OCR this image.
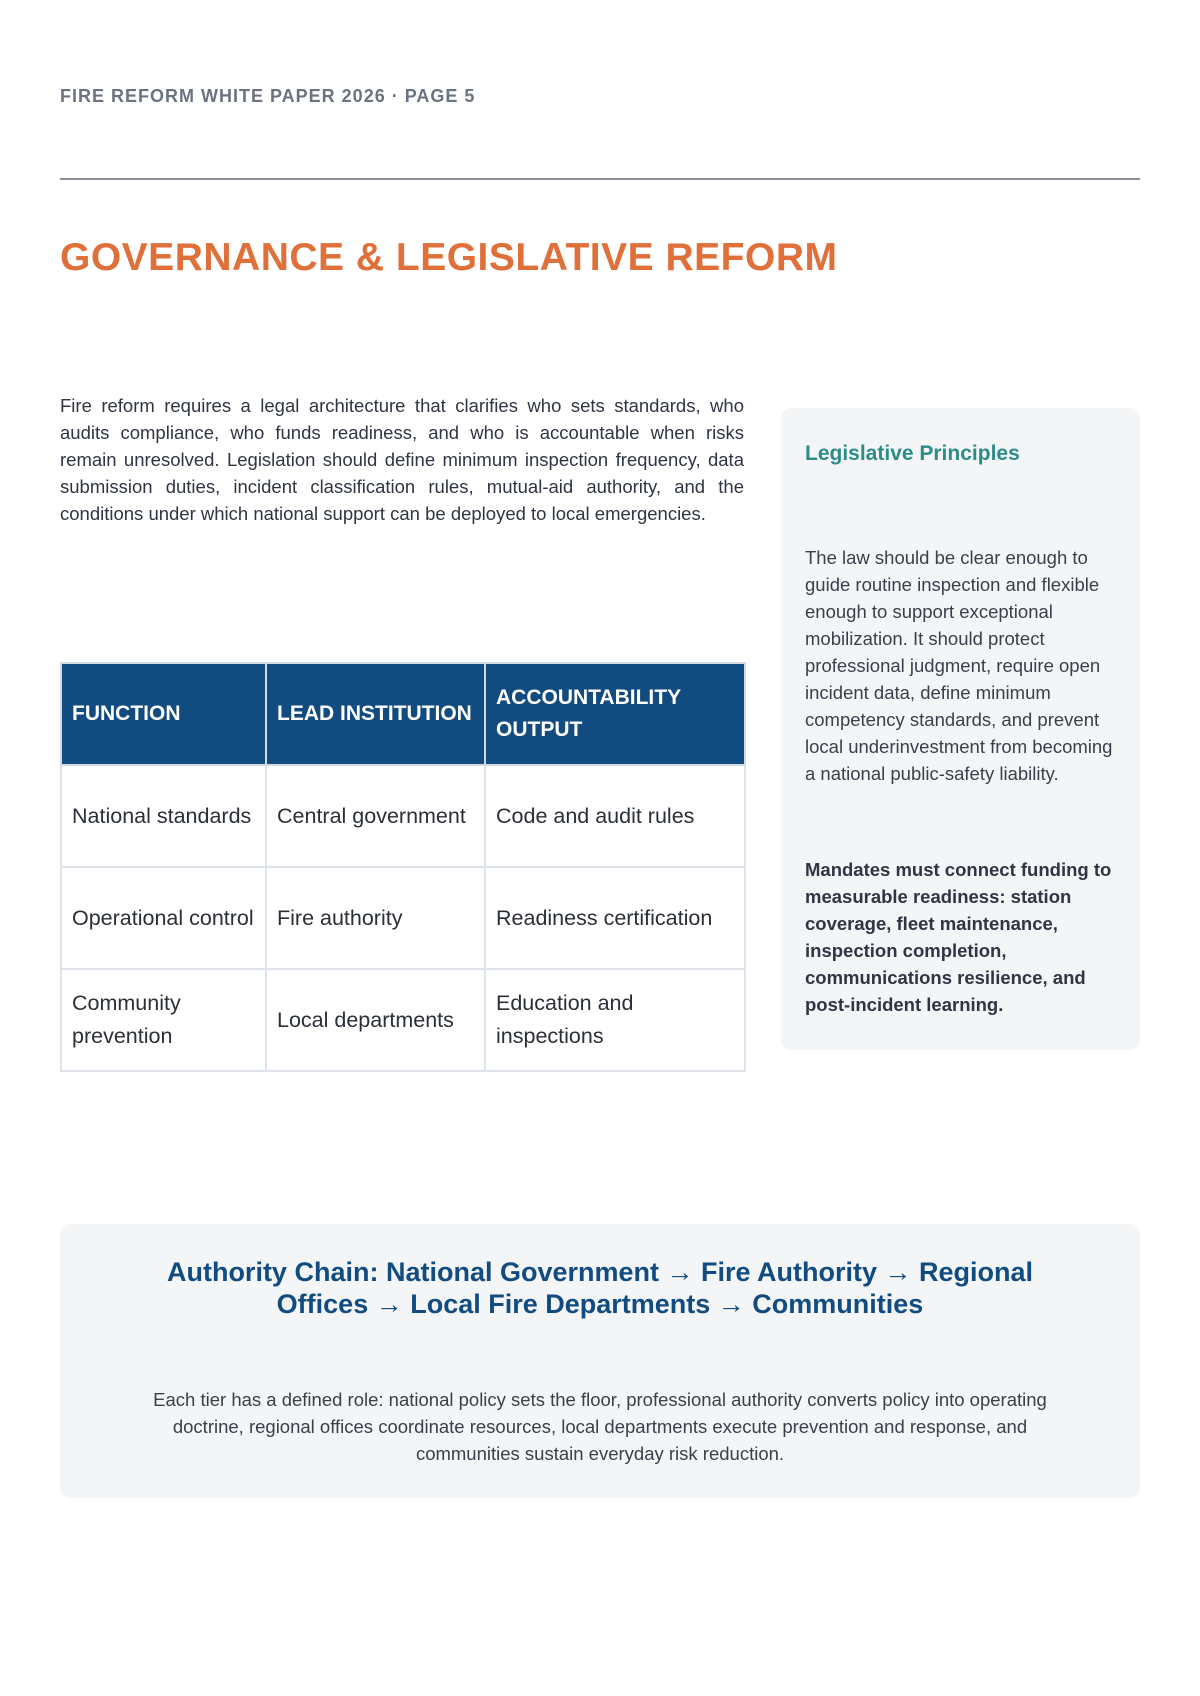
FIRE REFORM WHITE PAPER 2026 · PAGE 5
GOVERNANCE & LEGISLATIVE REFORM

Fire reform requires a legal architecture that clarifies who sets standards, who audits compliance, who funds readiness, and who is accountable when risks remain unresolved. Legislation should define minimum inspection frequency, data submission duties, incident classification rules, mutual-aid authority, and the conditions under which national support can be deployed to local emergencies.

FUNCTION	LEAD INSTITUTION	ACCOUNTABILITY OUTPUT
National standards	Central government	Code and audit rules
Operational control	Fire authority	Readiness certification
Community prevention	Local departments	Education and inspections
Legislative Principles

The law should be clear enough to guide routine inspection and flexible enough to support exceptional mobilization. It should protect professional judgment, require open incident data, define minimum competency standards, and prevent local underinvestment from becoming a national public-safety liability.

Mandates must connect funding to measurable readiness: station coverage, fleet maintenance, inspection completion, communications resilience, and post-incident learning.

Authority Chain: National Government → Fire Authority → Regional Offices → Local Fire Departments → Communities

Each tier has a defined role: national policy sets the floor, professional authority converts policy into operating doctrine, regional offices coordinate resources, local departments execute prevention and response, and communities sustain everyday risk reduction.
